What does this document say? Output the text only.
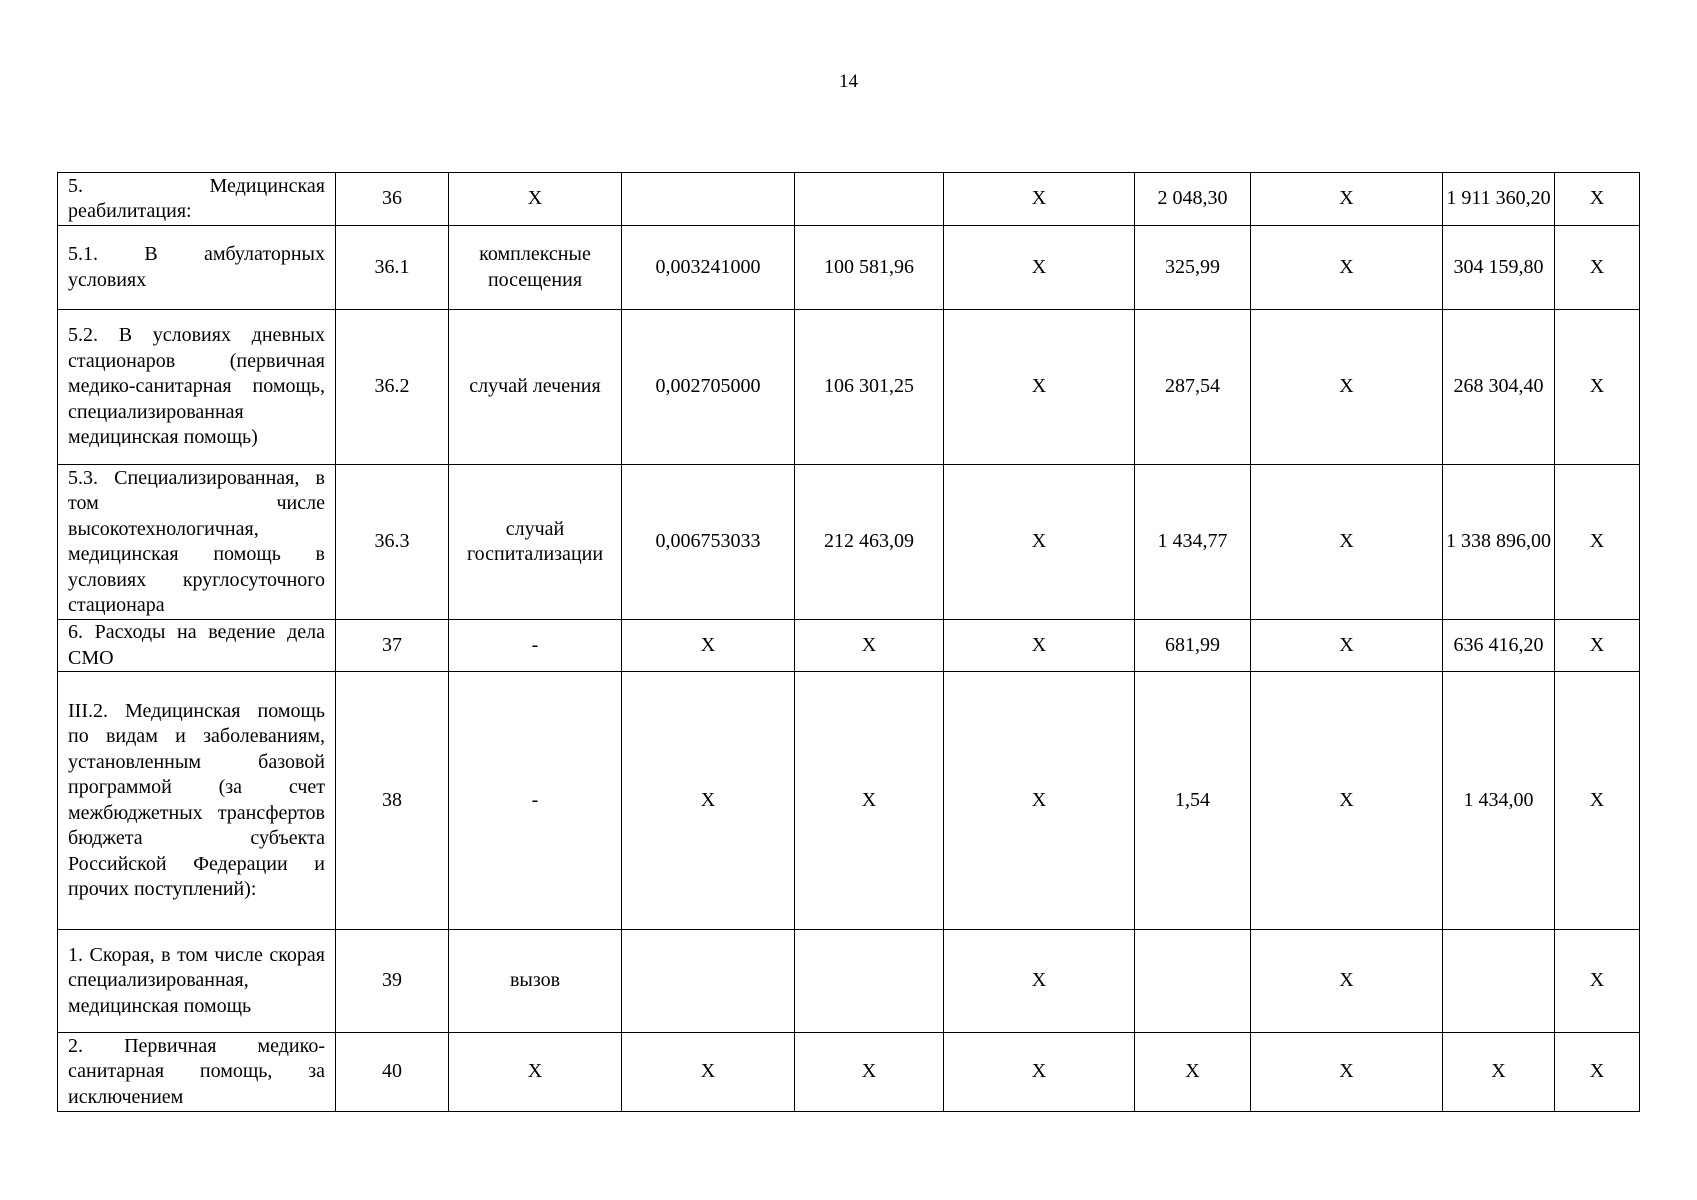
14
5. Медицинская реабилитация:	36	Х			Х	2 048,30	Х	1 911 360,20	Х

5.1. В амбулаторных условиях	36.1	комплексные посещения	0,003241000	100 581,96	Х	325,99	Х	304 159,80	Х

5.2. В условиях дневных стационаров (первичная медико-санитарная помощь, специализированная медицинская помощь)	36.2	случай лечения	0,002705000	106 301,25	Х	287,54	Х	268 304,40	Х

5.3. Специализированная, в том числе высокотехнологичная, медицинская помощь в условиях круглосуточного стационара	36.3	случай госпитализации	0,006753033	212 463,09	Х	1 434,77	Х	1 338 896,00	Х

6. Расходы на ведение дела СМО	37	-	Х	Х	Х	681,99	Х	636 416,20	Х

III.2. Медицинская помощь по видам и заболеваниям, установленным базовой программой (за счет межбюджетных трансфертов бюджета субъекта Российской Федерации и прочих поступлений):	38	-	Х	Х	Х	1,54	Х	1 434,00	Х

1. Скорая, в том числе скорая специализированная, медицинская помощь	39	вызов			Х		Х		Х

2. Первичная медико-санитарная помощь, за исключением	40	Х	Х	Х	Х	Х	Х	Х	Х
